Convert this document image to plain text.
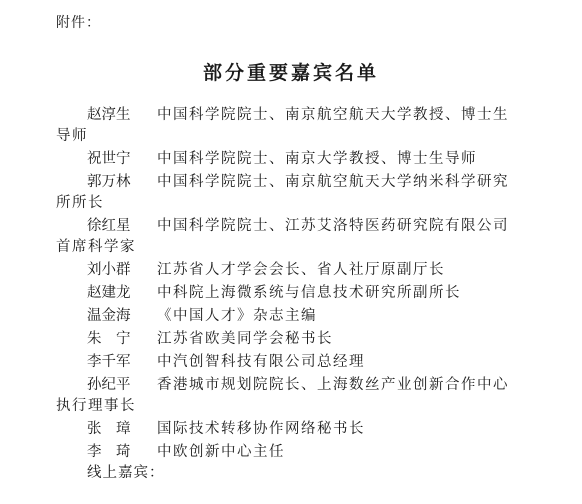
附件：
部分重要嘉宾名单
赵淳生	中国科学院院士、南京航空航天大学教授、博士生
导师
祝世宁	中国科学院院士、南京大学教授、博士生导师
郭万林	中国科学院院士、南京航空航天大学纳米科学研究
所所长
徐红星	中国科学院院士、江苏艾洛特医药研究院有限公司
首席科学家
刘小群	江苏省人才学会会长、省人社厅原副厅长
赵建龙	中科院上海微系统与信息技术研究所副所长
温金海	《中国人才》杂志主编
朱　宁	江苏省欧美同学会秘书长
李千军	中汽创智科技有限公司总经理
孙纪平	香港城市规划院院长、上海数丝产业创新合作中心
执行理事长
张　璋	国际技术转移协作网络秘书长
李　琦	中欧创新中心主任
线上嘉宾：
